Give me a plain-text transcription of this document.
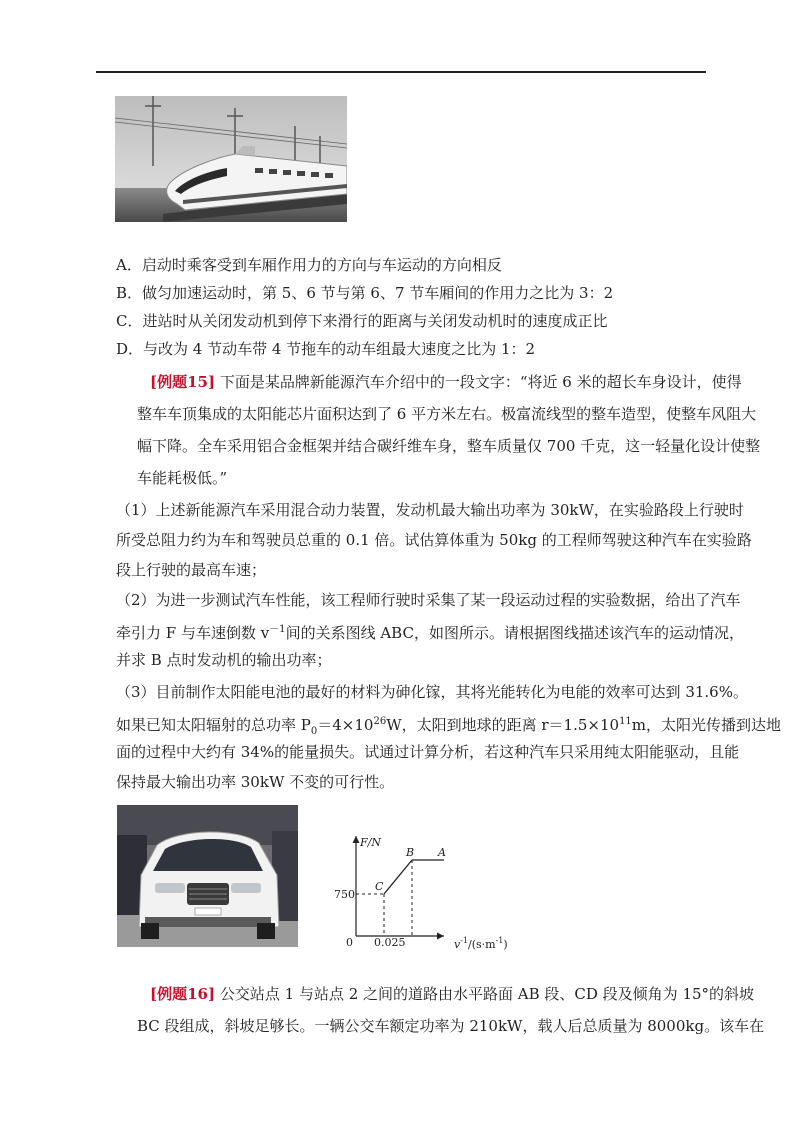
A．启动时乘客受到车厢作用力的方向与车运动的方向相反
B．做匀加速运动时，第 5、6 节与第 6、7 节车厢间的作用力之比为 3：2
C．进站时从关闭发动机到停下来滑行的距离与关闭发动机时的速度成正比
D．与改为 4 节动车带 4 节拖车的动车组最大速度之比为 1：2
[例题15] 下面是某品牌新能源汽车介绍中的一段文字：“将近 6 米的超长车身设计，使得
整车车顶集成的太阳能芯片面积达到了 6 平方米左右。极富流线型的整车造型，使整车风阻大
幅下降。全车采用铝合金框架并结合碳纤维车身，整车质量仅 700 千克，这一轻量化设计使整
车能耗极低。”
（1）上述新能源汽车采用混合动力装置，发动机最大输出功率为 30kW，在实验路段上行驶时
所受总阻力约为车和驾驶员总重的 0.1 倍。试估算体重为 50kg 的工程师驾驶这种汽车在实验路
段上行驶的最高车速；
（2）为进一步测试汽车性能，该工程师行驶时采集了某一段运动过程的实验数据，给出了汽车
牵引力 F 与车速倒数 $v^{-1}$间的关系图线 ABC，如图所示。请根据图线描述该汽车的运动情况，
并求 B 点时发动机的输出功率；
（3）目前制作太阳能电池的最好的材料为砷化镓，其将光能转化为电能的效率可达到 31.6%。
如果已知太阳辐射的总功率 $P_0=4\times 10^{26}W$，太阳到地球的距离 $r=1.5\times 10^{11}m$，太阳光传播到达地
面的过程中大约有 34%的能量损失。试通过计算分析，若这种汽车只采用纯太阳能驱动，且能
保持最大输出功率 30kW 不变的可行性。
F/N
A
B
C
750
0 0.025	$v^{-1}/(s\cdot m^{-1})$
[例题16] 公交站点 1 与站点 2 之间的道路由水平路面 AB 段、CD 段及倾角为 15°的斜坡
BC 段组成，斜坡足够长。一辆公交车额定功率为 210kW，载人后总质量为 8000kg。该车在
